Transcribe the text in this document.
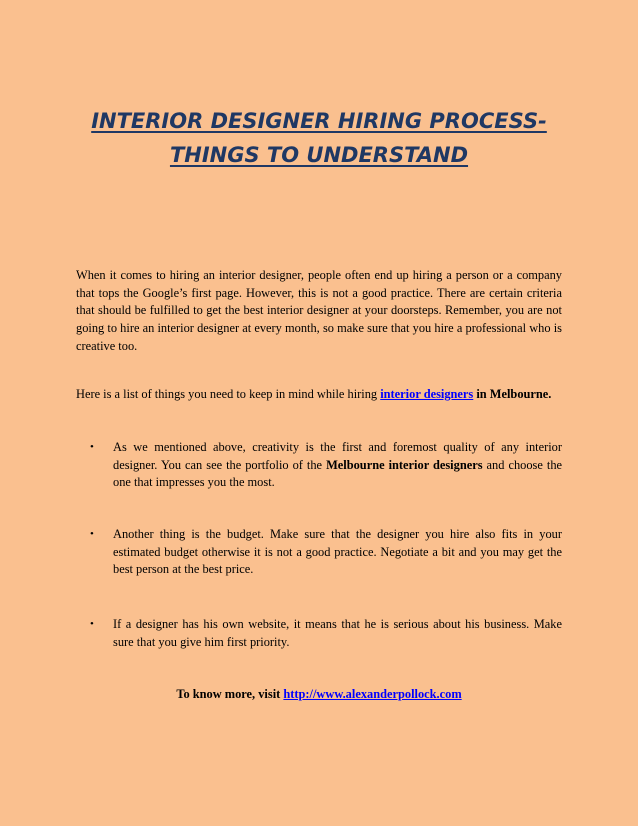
INTERIOR DESIGNER HIRING PROCESS-
THINGS TO UNDERSTAND

When it comes to hiring an interior designer, people often end up hiring a person or a company that tops the Google’s first page. However, this is not a good practice. There are certain criteria that should be fulfilled to get the best interior designer at your doorsteps. Remember, you are not going to hire an interior designer at every month, so make sure that you hire a professional who is creative too.

Here is a list of things you need to keep in mind while hiring interior designers in Melbourne.

•	As we mentioned above, creativity is the first and foremost quality of any interior designer. You can see the portfolio of the Melbourne interior designers and choose the one that impresses you the most.
•	Another thing is the budget. Make sure that the designer you hire also fits in your estimated budget otherwise it is not a good practice. Negotiate a bit and you may get the best person at the best price.
•	If a designer has his own website, it means that he is serious about his business. Make sure that you give him first priority.

To know more, visit http://www.alexanderpollock.com
